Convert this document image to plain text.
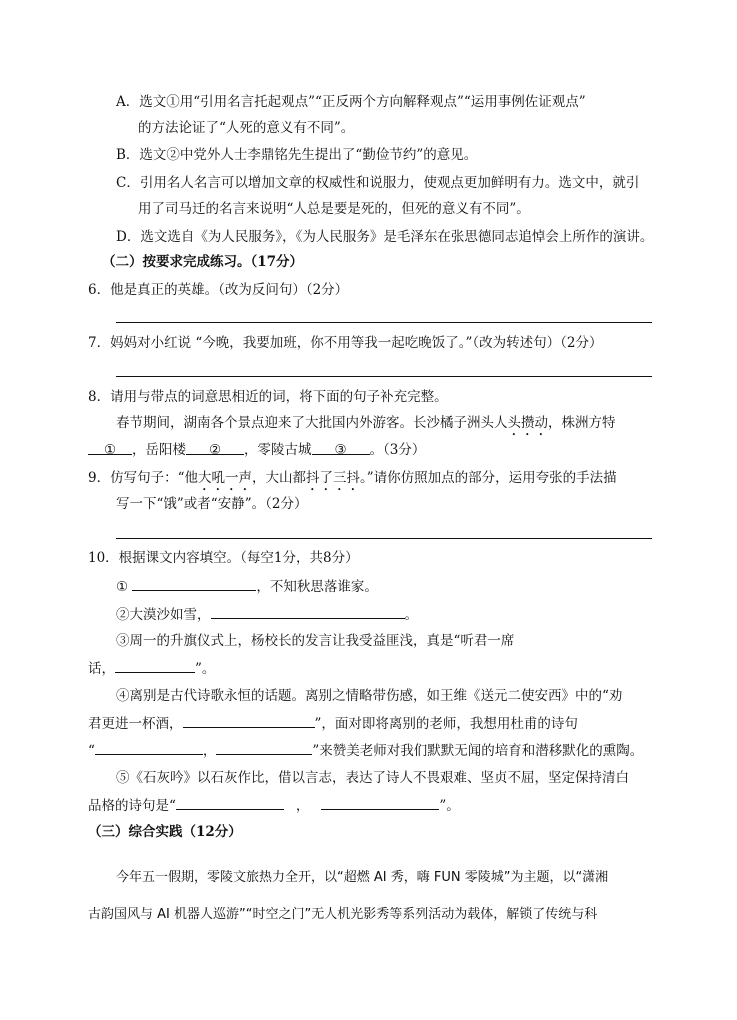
A．选文①用“引用名言托起观点”“正反两个方向解释观点”“运用事例佐证观点”
的方法论证了“人死的意义有不同”。
B．选文②中党外人士李鼎铭先生提出了“勤俭节约”的意见。
C．引用名人名言可以增加文章的权威性和说服力，使观点更加鲜明有力。选文中，就引
用了司马迁的名言来说明“人总是要是死的，但死的意义有不同”。
D．选文选自《为人民服务》，《为人民服务》是毛泽东在张思德同志追悼会上所作的演讲。
（二）按要求完成练习。（17分）
6．他是真正的英雄。（改为反问句）（2分）
7．妈妈对小红说 “今晚，我要加班，你不用等我一起吃晚饭了。”（改为转述句）（2分）
8．请用与带点的词意思相近的词，将下面的句子补充完整。
春节期间，湖南各个景点迎来了大批国内外游客。长沙橘子洲头人头攒动，株洲方特
① ，岳阳楼 ② ，零陵古城 ③ 。（3分）
9．仿写句子：“他大吼一声，大山都抖了三抖。”请你仿照加点的部分，运用夸张的手法描
写一下“饿”或者“安静”。（2分）
10．根据课文内容填空。（每空1分，共8分）
①	，不知秋思落谁家。
②大漠沙如雪，	。
③周一的升旗仪式上，杨校长的发言让我受益匪浅，真是“听君一席
话，	”。
④离别是古代诗歌永恒的话题。离别之情略带伤感，如王维《送元二使安西》中的“劝
君更进一杯酒，	”，面对即将离别的老师，我想用杜甫的诗句
“	，	”来赞美老师对我们默默无闻的培育和潜移默化的熏陶。
⑤《石灰吟》以石灰作比，借以言志，表达了诗人不畏艰难、坚贞不屈，坚定保持清白
品格的诗句是“	，	”。
（三）综合实践（12分）
今年五一假期，零陵文旅热力全开，以“超燃 AI 秀，嗨 FUN 零陵城”为主题，以“潇湘
古韵国风与 AI 机器人巡游”“时空之门”无人机光影秀等系列活动为载体，解锁了传统与科
